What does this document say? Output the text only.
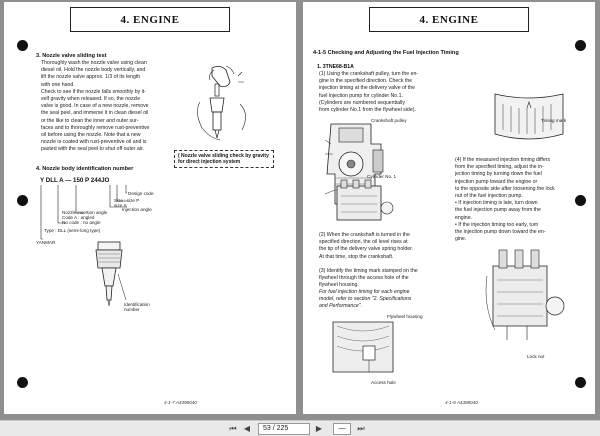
4. ENGINE
3. Nozzle valve sliding test
Thoroughly wash the nozzle valve using clean
diesel oil. Hold the nozzle body vertically, and
lift the nozzle valve approx. 1/3 of its length
with one hand.
Check to see if the nozzle falls smoothly by it-
self gravity when released. If so, the nozzle
valve is good. In case of a new nozzle, remove
the seal peel, and immerse it in clean diesel oil
or the like to clean the inner and outer sur-
faces and to thoroughly remove rust-preventive
oil before using the nozzle. Note that a new
nozzle is coated with rust-preventive oil and is
pasted with the seal peel to shut off outer air.
( Nozzle valve sliding check by gravity
for direct injection system
4. Nozzle body identification number
Y DLL A — 150 P 244JO
Design code
Size : size P
size S
Injection angle
Nozzle insertion angle
Code A : angled
No code : no angle
Type : DLL (semi-long type)
YANMAR
Identification
number
4-1-7 A4398040
4. ENGINE
4-1-5 Checking and Adjusting the Fuel Injection Timing
1. 3TNE68-B1A
(1) Using the crankshaft pulley, turn the en-
gine in the specified direction. Check the
injection timing at the delivery valve of the
fuel injection pump for cylinder No.1.
(Cylinders are numbered sequentially
from cylinder No.1 from the flywheel side).
Crankshaft pulley
Cylinder No. 1
(2) When the crankshaft is turned in the
specified direction, the oil level rises at
the tip of the delivery valve spring holder.
At that time, stop the crankshaft.
(3) Identify the timing mark stamped on the
flywheel through the access hole of the
flywheel housing.
For fuel injection timing for each engine
model, refer to section "2. Specifications
and Performance".
Flywheel housing
Access hole
Timing mark
(4) If the measured injection timing differs
from the specified timing, adjust the in-
jection timing by turning down the fuel
injection pump toward the engine or
to the opposite side after loosening the lock
nut of the fuel injection pump.
• If injection timing is late, turn down
the fuel injection pump away from the
engine.
• If the injection timing too early, turn
the injection pump down toward the en-
gine.
Lock nut
4-1-8 A4398040
⏮ ◀	53 / 225	▶	—	⏭
